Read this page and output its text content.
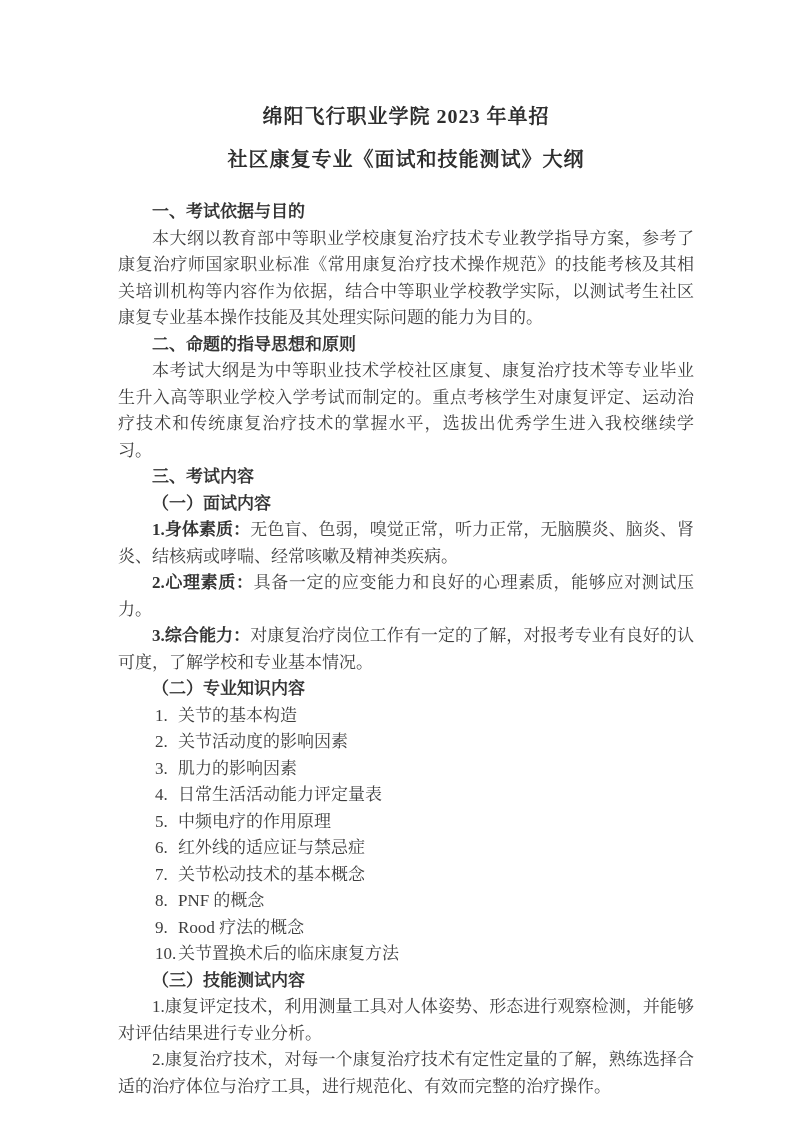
绵阳飞行职业学院 2023 年单招

社区康复专业《面试和技能测试》大纲

一、考试依据与目的

本大纲以教育部中等职业学校康复治疗技术专业教学指导方案，参考了康复治疗师国家职业标准《常用康复治疗技术操作规范》的技能考核及其相关培训机构等内容作为依据，结合中等职业学校教学实际，以测试考生社区康复专业基本操作技能及其处理实际问题的能力为目的。

二、命题的指导思想和原则

本考试大纲是为中等职业技术学校社区康复、康复治疗技术等专业毕业生升入高等职业学校入学考试而制定的。重点考核学生对康复评定、运动治疗技术和传统康复治疗技术的掌握水平，选拔出优秀学生进入我校继续学习。

三、考试内容

（一）面试内容

1.身体素质：无色盲、色弱，嗅觉正常，听力正常，无脑膜炎、脑炎、肾炎、结核病或哮喘、经常咳嗽及精神类疾病。

2.心理素质：具备一定的应变能力和良好的心理素质，能够应对测试压力。

3.综合能力：对康复治疗岗位工作有一定的了解，对报考专业有良好的认可度，了解学校和专业基本情况。

（二）专业知识内容

1. 关节的基本构造

2. 关节活动度的影响因素

3. 肌力的影响因素

4. 日常生活活动能力评定量表

5. 中频电疗的作用原理

6. 红外线的适应证与禁忌症

7. 关节松动技术的基本概念

8. PNF 的概念

9. Rood 疗法的概念

10. 关节置换术后的临床康复方法

（三）技能测试内容

1.康复评定技术，利用测量工具对人体姿势、形态进行观察检测，并能够对评估结果进行专业分析。

2.康复治疗技术，对每一个康复治疗技术有定性定量的了解，熟练选择合适的治疗体位与治疗工具，进行规范化、有效而完整的治疗操作。
